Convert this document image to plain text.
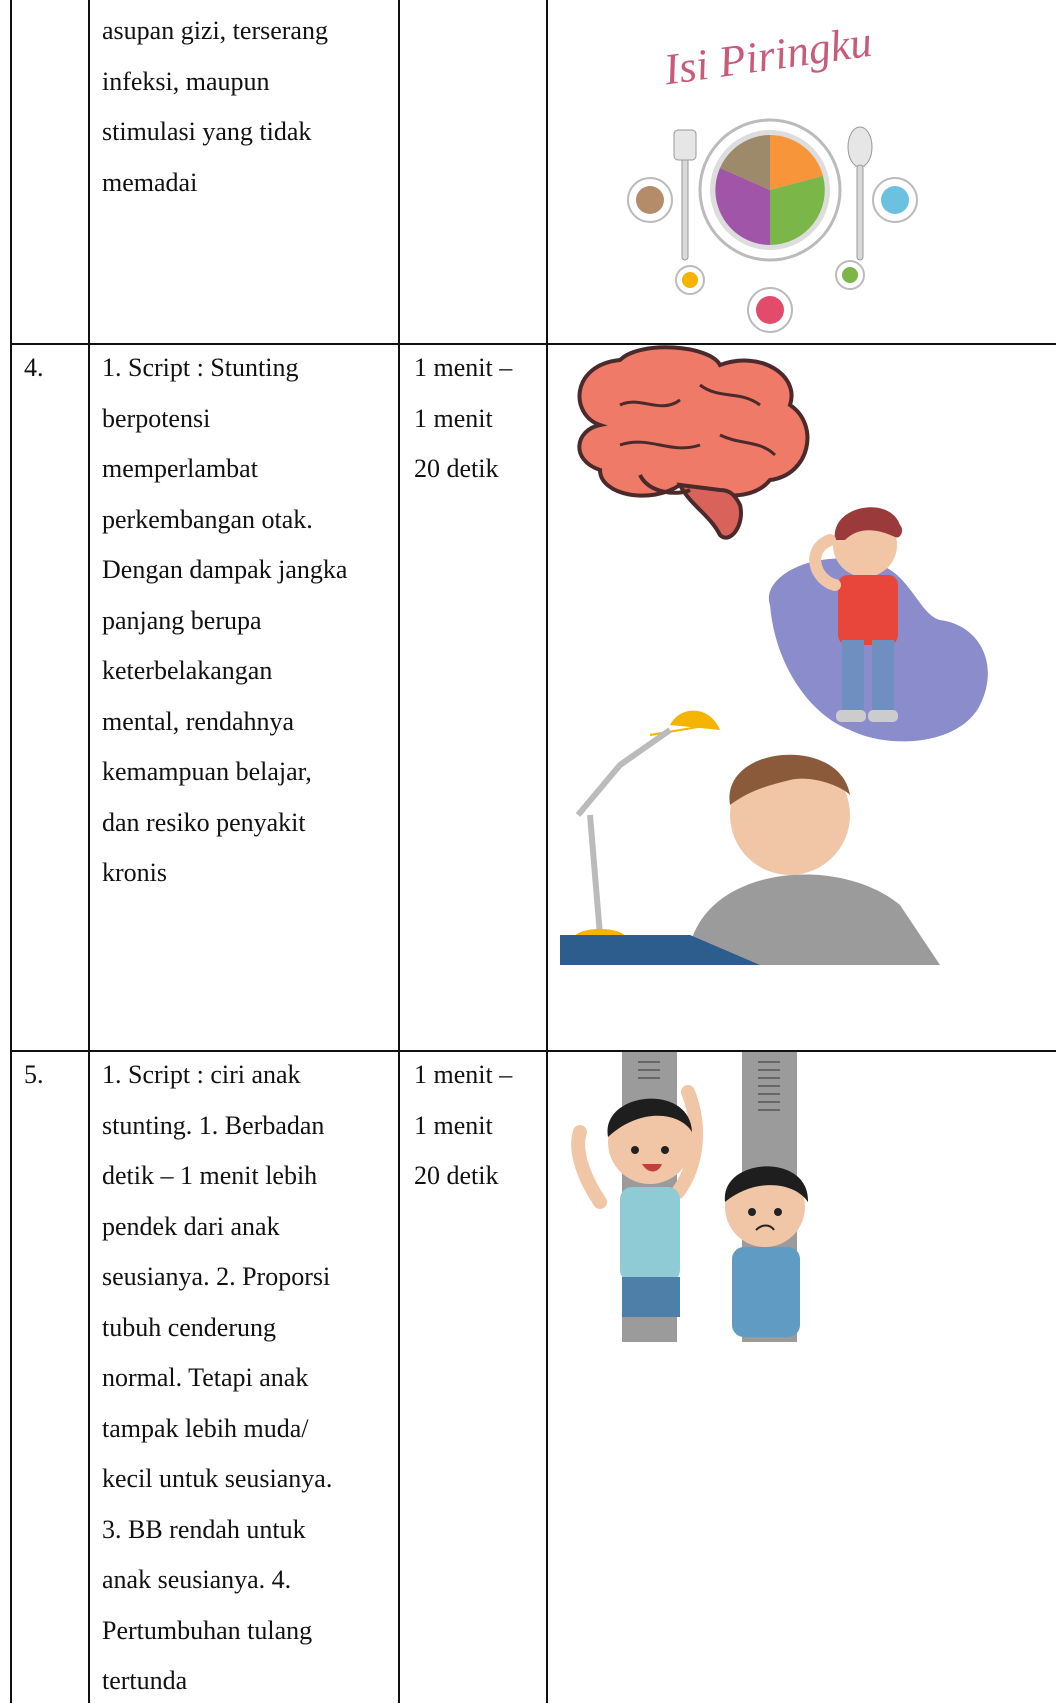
asupan gizi, terserang
infeksi, maupun
stimulasi yang tidak
memadai
Isi Piringku
4. 1. Script : Stunting
berpotensi
memperlambat
perkembangan otak.
Dengan dampak jangka
panjang berupa
keterbelakangan
mental, rendahnya
kemampuan belajar,
dan resiko penyakit
kronis
1 menit –
1 menit
20 detik
5. 1. Script : ciri anak
stunting. 1. Berbadan
detik – 1 menit lebih
pendek dari anak
seusianya. 2. Proporsi
tubuh cenderung
normal. Tetapi anak
tampak lebih muda/
kecil untuk seusianya.
3. BB rendah untuk
anak seusianya. 4.
Pertumbuhan tulang
tertunda
1 menit –
1 menit
20 detik
